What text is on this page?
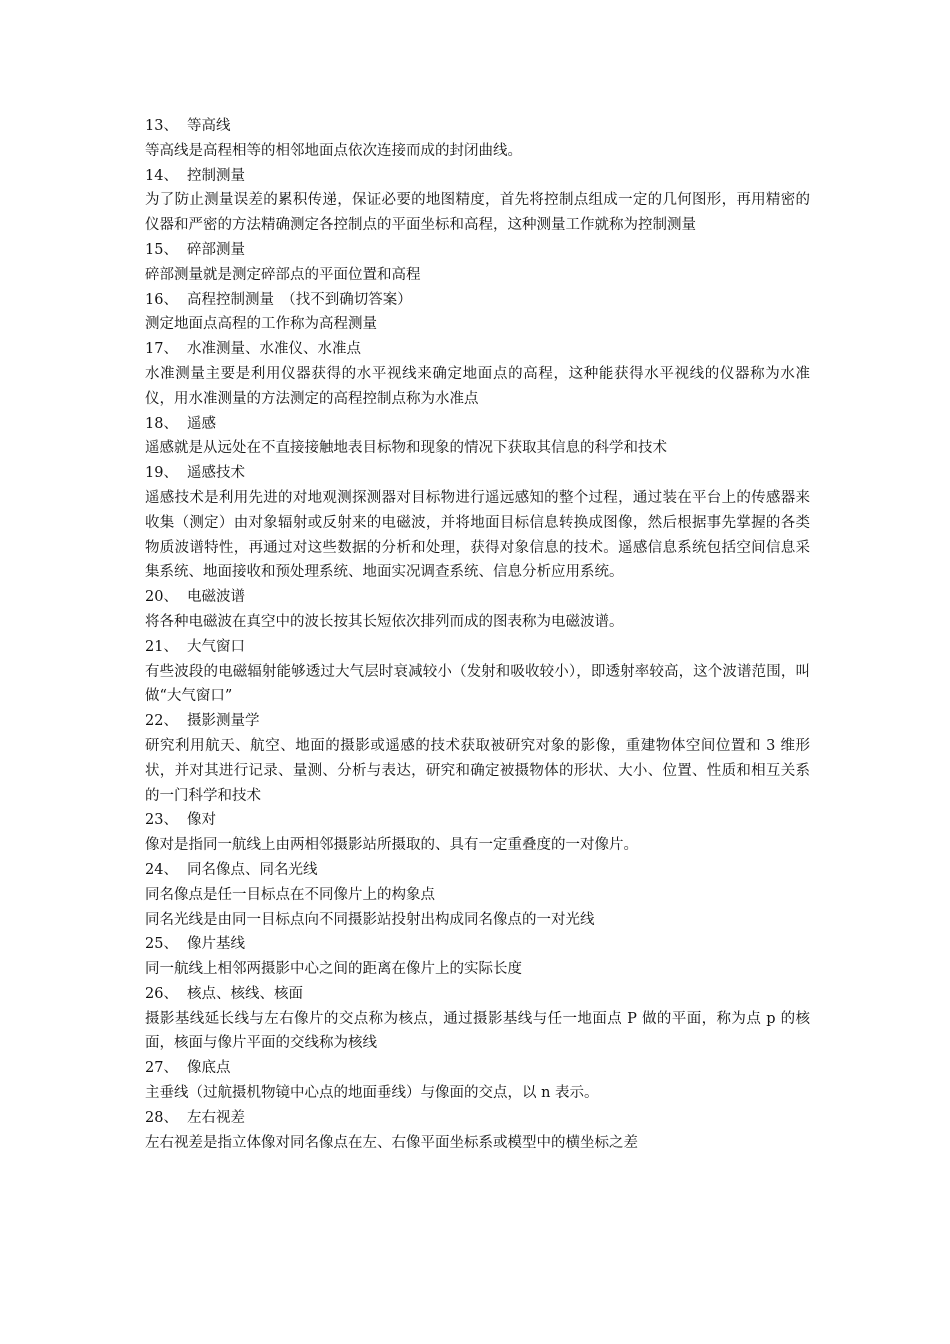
13、 等高线

等高线是高程相等的相邻地面点依次连接而成的封闭曲线。

14、 控制测量

为了防止测量误差的累积传递，保证必要的地图精度，首先将控制点组成一定的几何图形，再用精密的仪器和严密的方法精确测定各控制点的平面坐标和高程，这种测量工作就称为控制测量

15、 碎部测量

碎部测量就是测定碎部点的平面位置和高程

16、 高程控制测量　（找不到确切答案）

测定地面点高程的工作称为高程测量

17、 水准测量、水准仪、水准点

水准测量主要是利用仪器获得的水平视线来确定地面点的高程，这种能获得水平视线的仪器称为水准仪，用水准测量的方法测定的高程控制点称为水准点

18、 遥感

遥感就是从远处在不直接接触地表目标物和现象的情况下获取其信息的科学和技术

19、 遥感技术

遥感技术是利用先进的对地观测探测器对目标物进行遥远感知的整个过程，通过装在平台上的传感器来收集（测定）由对象辐射或反射来的电磁波，并将地面目标信息转换成图像，然后根据事先掌握的各类物质波谱特性，再通过对这些数据的分析和处理，获得对象信息的技术。遥感信息系统包括空间信息采集系统、地面接收和预处理系统、地面实况调查系统、信息分析应用系统。

20、 电磁波谱

将各种电磁波在真空中的波长按其长短依次排列而成的图表称为电磁波谱。

21、 大气窗口

有些波段的电磁辐射能够透过大气层时衰减较小（发射和吸收较小），即透射率较高，这个波谱范围，叫做“大气窗口”

22、 摄影测量学

研究利用航天、航空、地面的摄影或遥感的技术获取被研究对象的影像，重建物体空间位置和 3 维形状，并对其进行记录、量测、分析与表达，研究和确定被摄物体的形状、大小、位置、性质和相互关系的一门科学和技术

23、 像对

像对是指同一航线上由两相邻摄影站所摄取的、具有一定重叠度的一对像片。

24、 同名像点、同名光线

同名像点是任一目标点在不同像片上的构象点

同名光线是由同一目标点向不同摄影站投射出构成同名像点的一对光线

25、 像片基线

同一航线上相邻两摄影中心之间的距离在像片上的实际长度

26、 核点、核线、核面

摄影基线延长线与左右像片的交点称为核点，通过摄影基线与任一地面点 P 做的平面，称为点 p 的核面，核面与像片平面的交线称为核线

27、 像底点

主垂线（过航摄机物镜中心点的地面垂线）与像面的交点，以 n 表示。

28、 左右视差

左右视差是指立体像对同名像点在左、右像平面坐标系或模型中的横坐标之差
